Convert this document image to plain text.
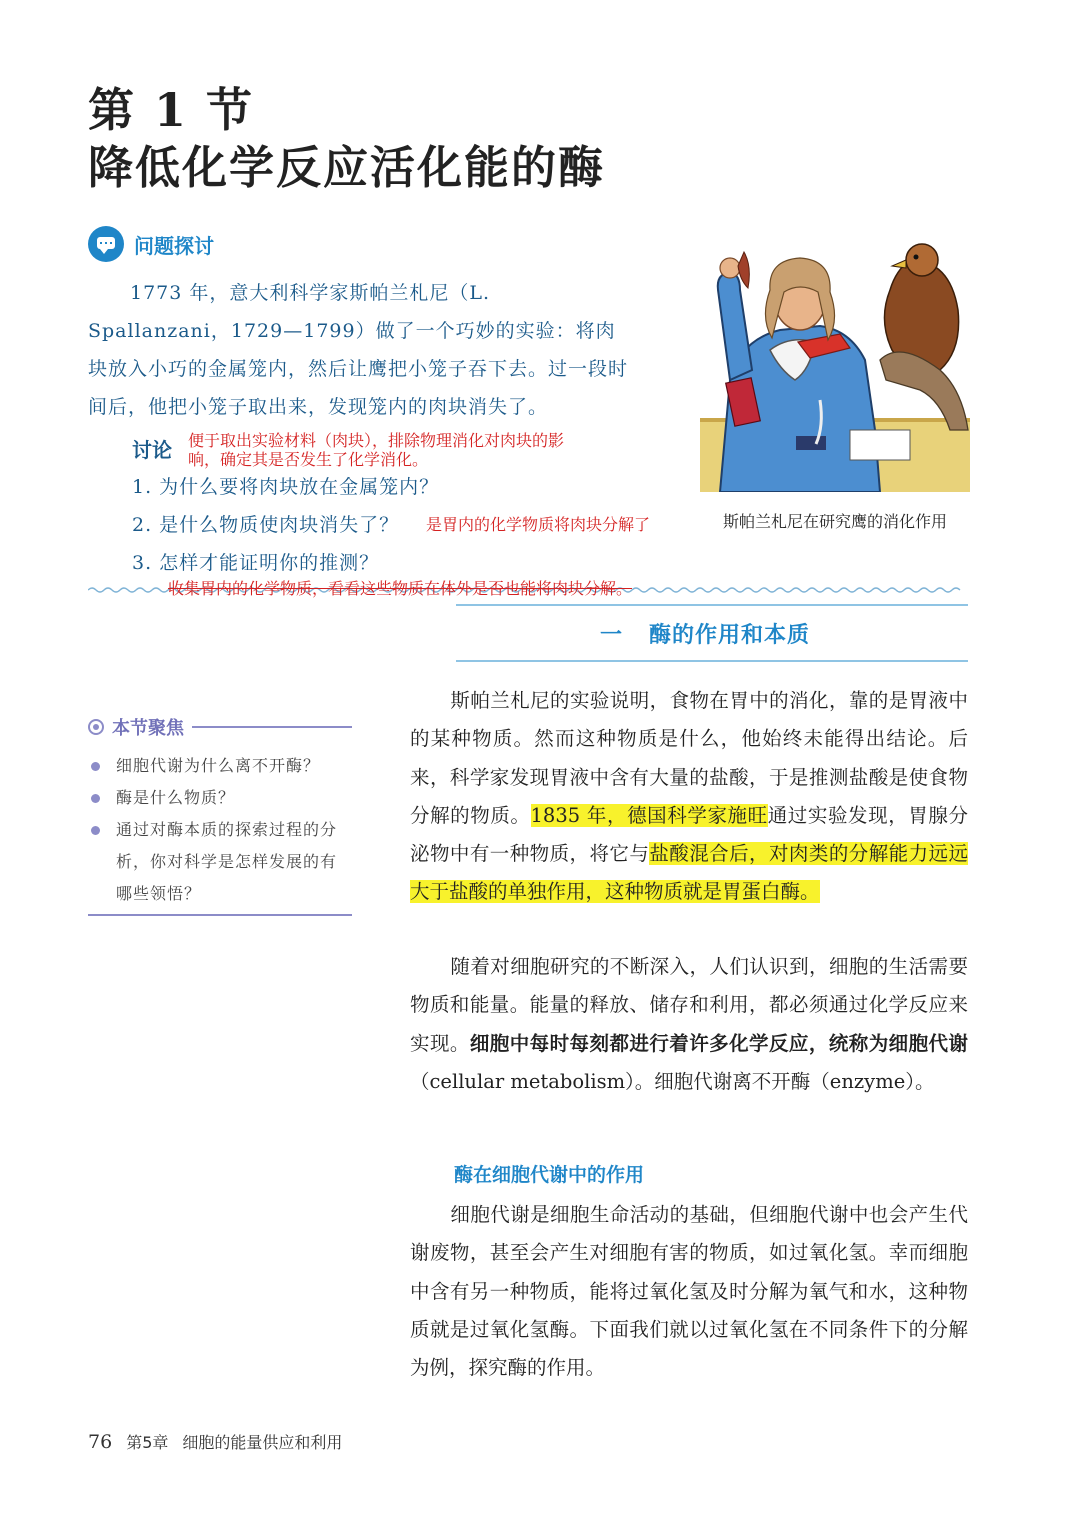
第 1 节
降低化学反应活化能的酶
问题探讨

1773 年，意大利科学家斯帕兰札尼（L. Spallanzani，1729—1799）做了一个巧妙的实验：将肉块放入小巧的金属笼内，然后让鹰把小笼子吞下去。过一段时间后，他把小笼子取出来，发现笼内的肉块消失了。

讨论 便于取出实验材料（肉块），排除物理消化对肉块的影响，确定其是否发生了化学消化。
1. 为什么要将肉块放在金属笼内？
2. 是什么物质使肉块消失了？ 是胃内的化学物质将肉块分解了
3. 怎样才能证明你的推测？
收集胃内的化学物质，看看这些物质在体外是否也能将肉块分解。
斯帕兰札尼在研究鹰的消化作用
一 酶的作用和本质
本节聚焦
细胞代谢为什么离不开酶？
酶是什么物质？
通过对酶本质的探索过程的分析，你对科学是怎样发展的有哪些领悟？

斯帕兰札尼的实验说明，食物在胃中的消化，靠的是胃液中的某种物质。然而这种物质是什么，他始终未能得出结论。后来，科学家发现胃液中含有大量的盐酸，于是推测盐酸是使食物分解的物质。1835 年，德国科学家施旺通过实验发现，胃腺分泌物中有一种物质，将它与盐酸混合后，对肉类的分解能力远远大于盐酸的单独作用，这种物质就是胃蛋白酶。

随着对细胞研究的不断深入，人们认识到，细胞的生活需要物质和能量。能量的释放、储存和利用，都必须通过化学反应来实现。细胞中每时每刻都进行着许多化学反应，统称为细胞代谢（cellular metabolism）。细胞代谢离不开酶（enzyme）。

酶在细胞代谢中的作用

细胞代谢是细胞生命活动的基础，但细胞代谢中也会产生代谢废物，甚至会产生对细胞有害的物质，如过氧化氢。幸而细胞中含有另一种物质，能将过氧化氢及时分解为氧气和水，这种物质就是过氧化氢酶。下面我们就以过氧化氢在不同条件下的分解为例，探究酶的作用。

76 第5章 细胞的能量供应和利用
